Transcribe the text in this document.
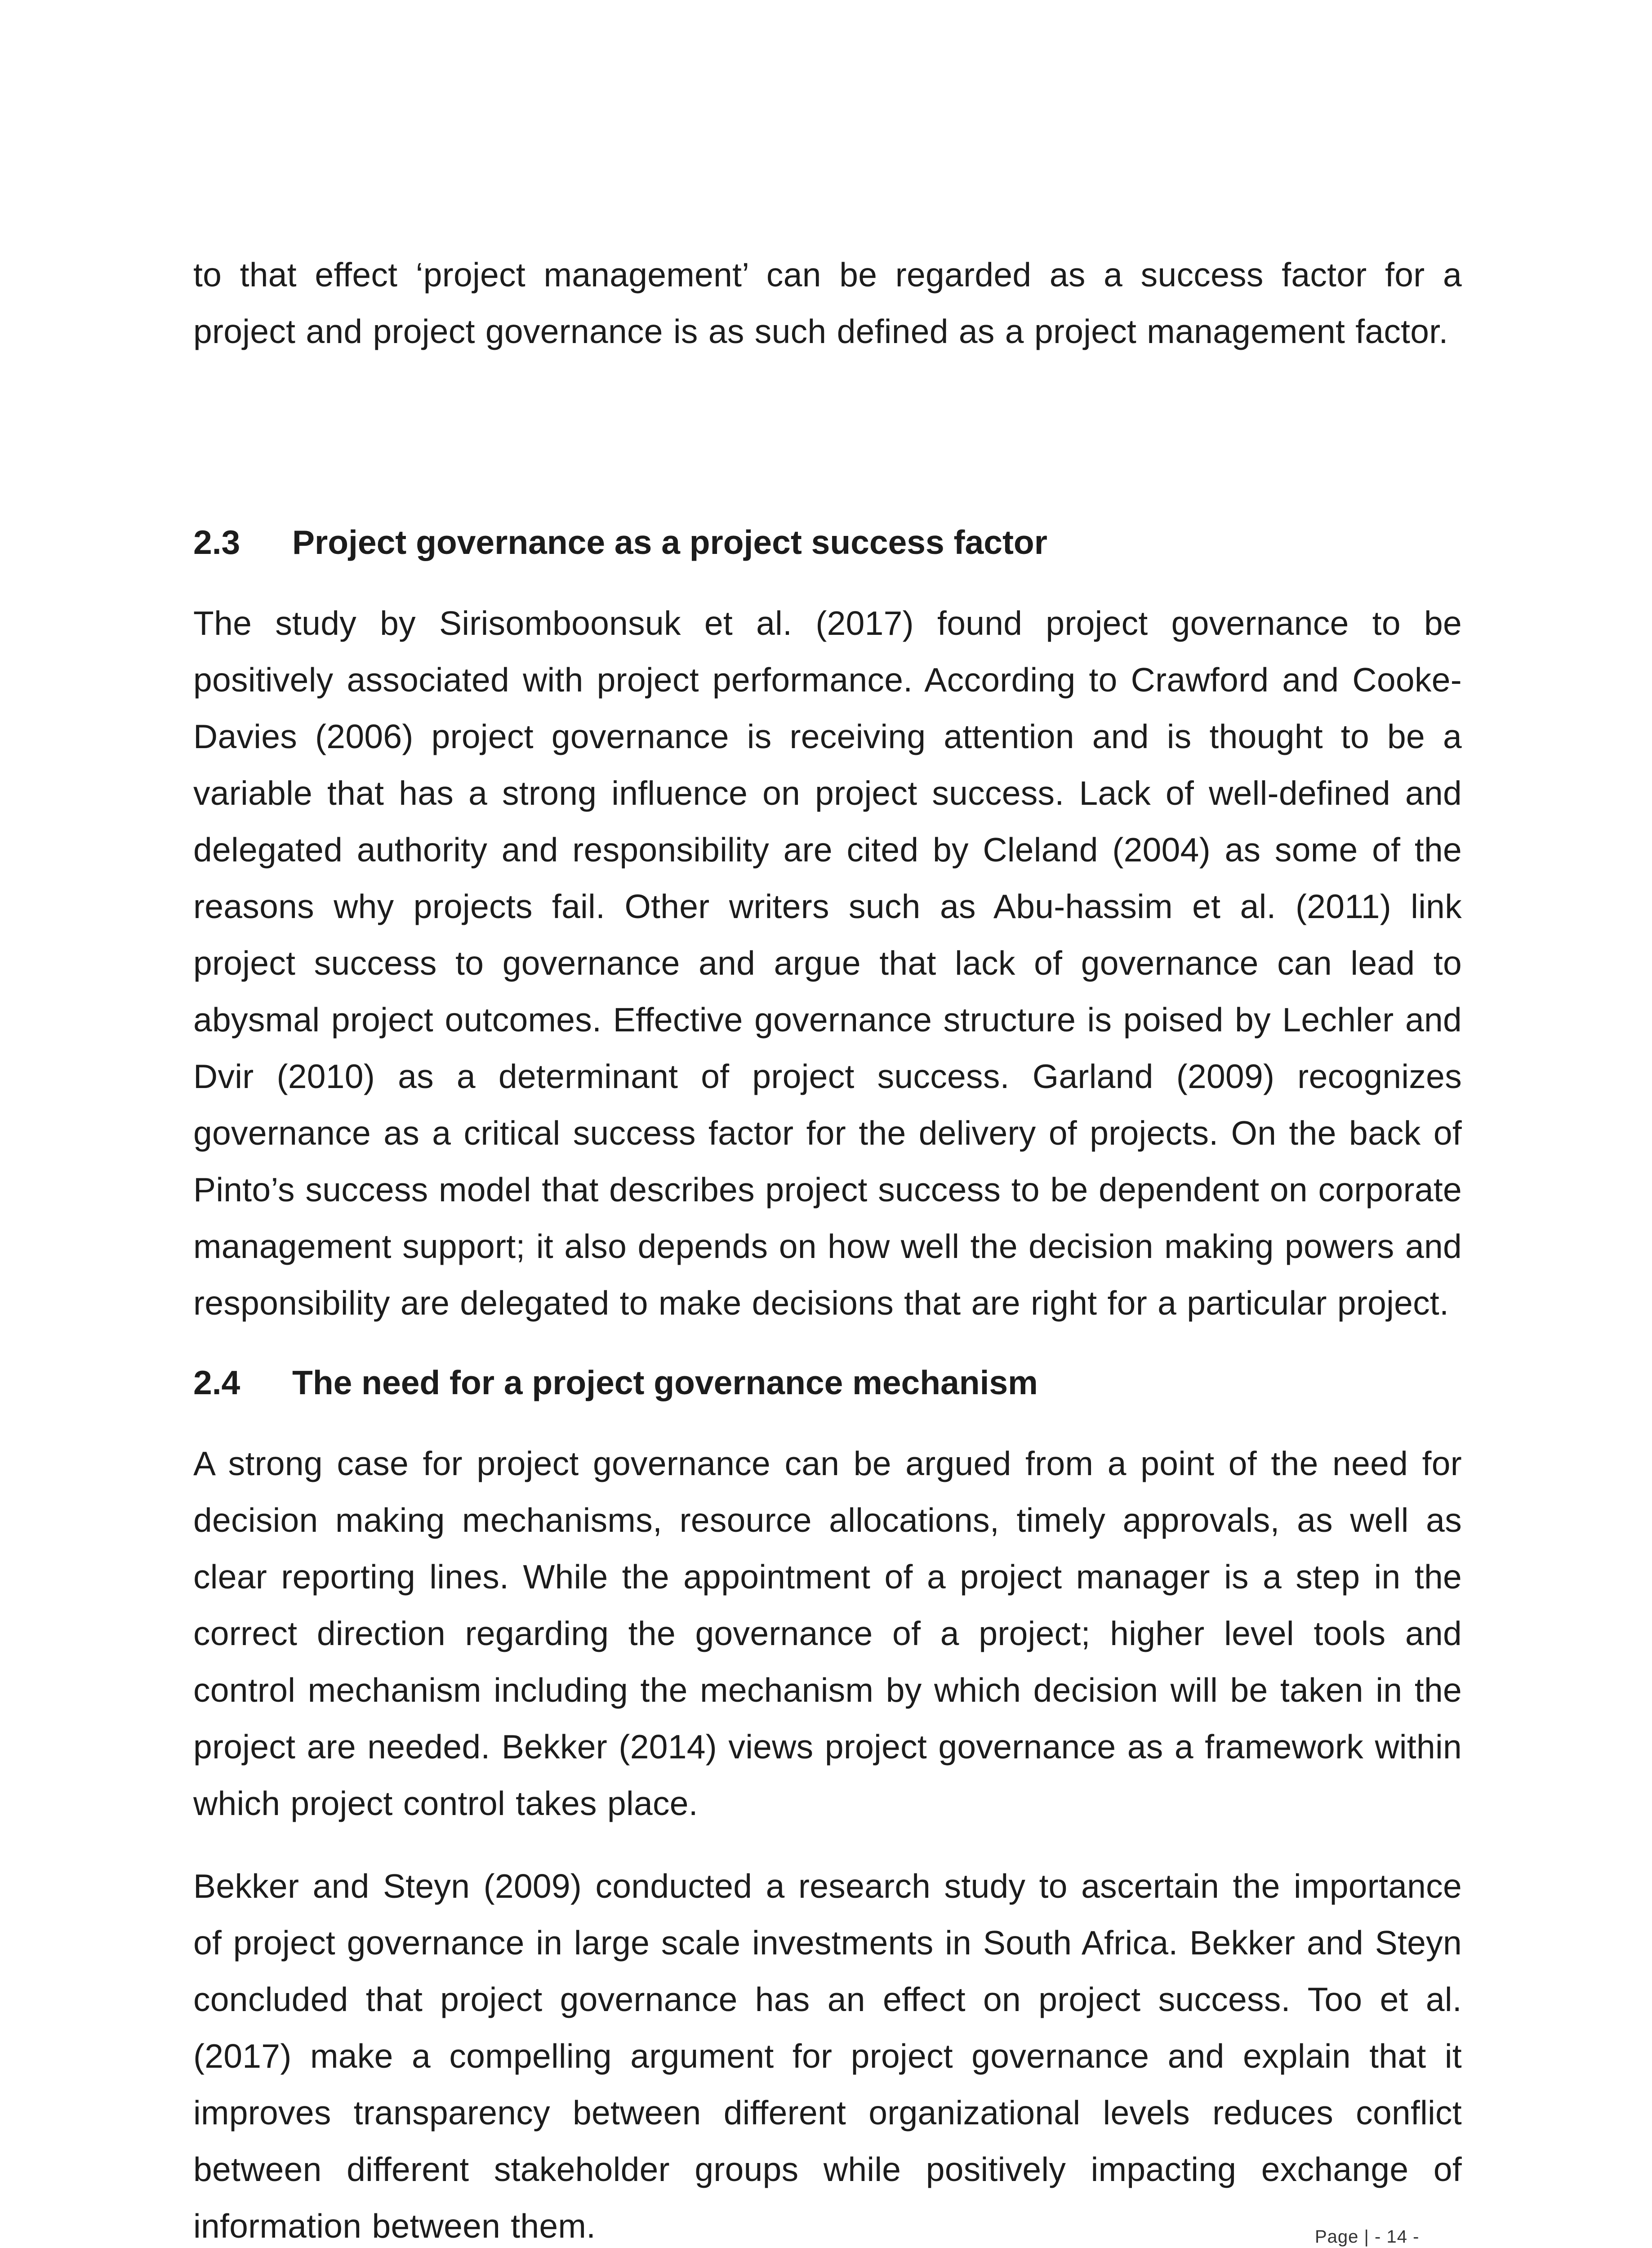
to that effect ‘project management’ can be regarded as a success factor for a project and project governance is as such defined as a project management factor.

2.3	Project governance as a project success factor

The study by Sirisomboonsuk et al. (2017) found project governance to be positively associated with project performance. According to Crawford and Cooke-Davies (2006) project governance is receiving attention and is thought to be a variable that has a strong influence on project success. Lack of well-defined and delegated authority and responsibility are cited by Cleland (2004) as some of the reasons why projects fail. Other writers such as Abu-hassim et al. (2011) link project success to governance and argue that lack of governance can lead to abysmal project outcomes. Effective governance structure is poised by Lechler and Dvir (2010) as a determinant of project success. Garland (2009) recognizes governance as a critical success factor for the delivery of projects. On the back of Pinto’s success model that describes project success to be dependent on corporate management support; it also depends on how well the decision making powers and responsibility are delegated to make decisions that are right for a particular project.

2.4	The need for a project governance mechanism

A strong case for project governance can be argued from a point of the need for decision making mechanisms, resource allocations, timely approvals, as well as clear reporting lines. While the appointment of a project manager is a step in the correct direction regarding the governance of a project; higher level tools and control mechanism including the mechanism by which decision will be taken in the project are needed. Bekker (2014) views project governance as a framework within which project control takes place.

Bekker and Steyn (2009) conducted a research study to ascertain the importance of project governance in large scale investments in South Africa. Bekker and Steyn concluded that project governance has an effect on project success. Too et al. (2017) make a compelling argument for project governance and explain that it improves transparency between different organizational levels reduces conflict between different stakeholder groups while positively impacting exchange of information between them.	Page | - 14 -
